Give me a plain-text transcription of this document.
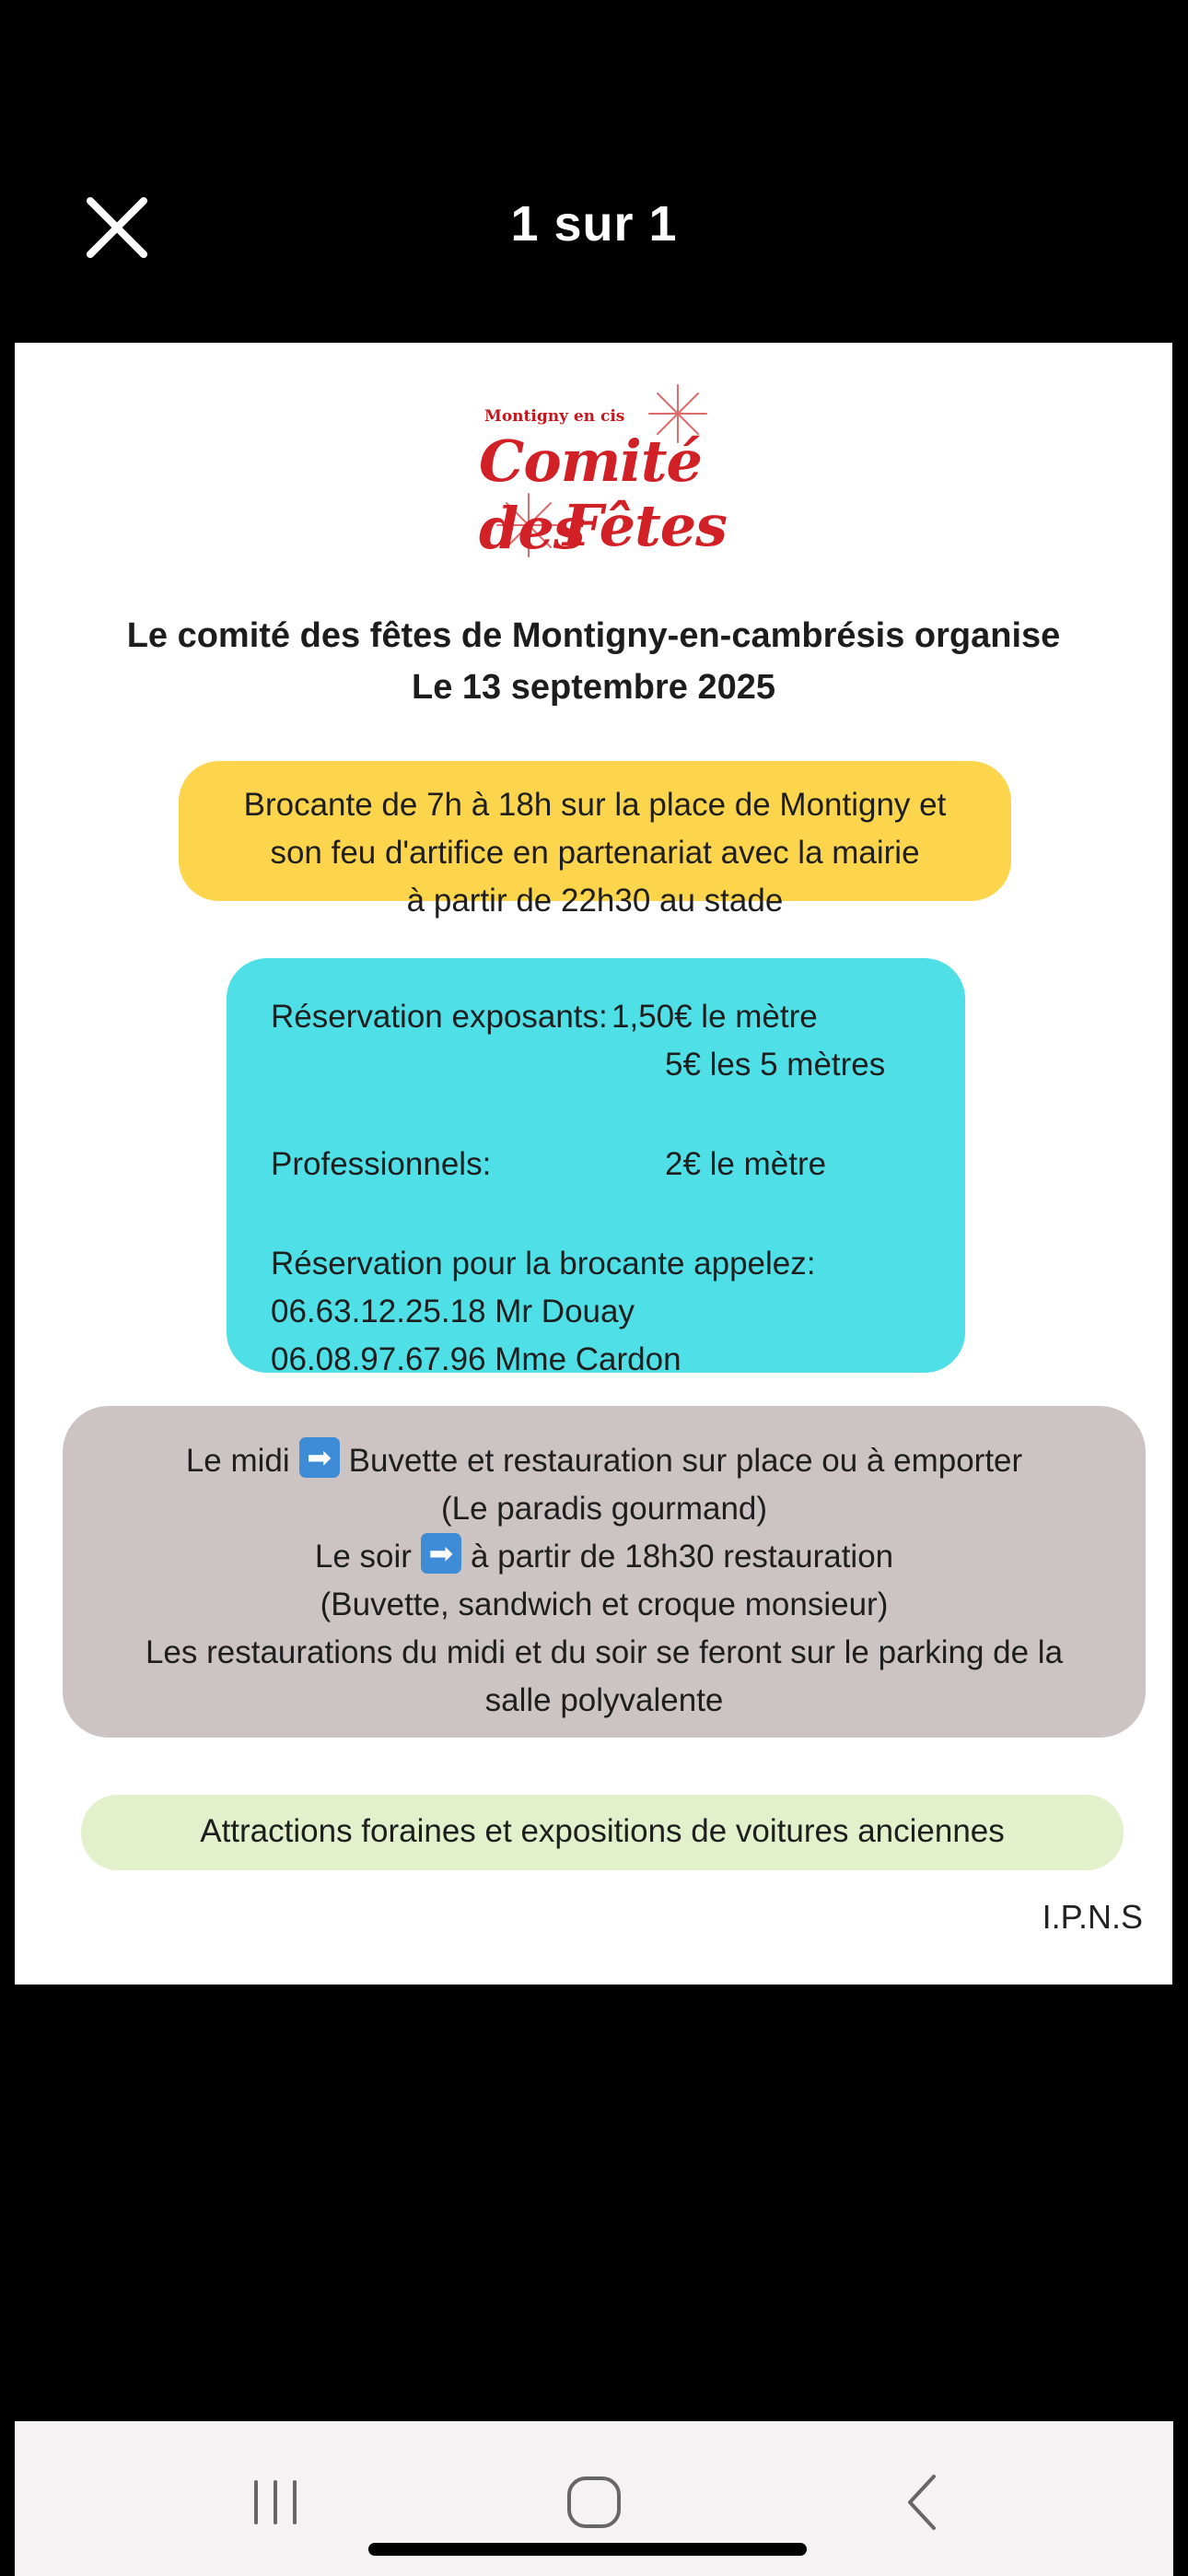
1 sur 1
Montigny en cis
Comité des
Fêtes
Le comité des fêtes de Montigny-en-cambrésis organise
Le 13 septembre 2025
Brocante de 7h à 18h sur la place de Montigny et
son feu d'artifice en partenariat avec la mairie
à partir de 22h30 au stade
Réservation exposants: 1,50€ le mètre
5€ les 5 mètres
Professionnels:	2€ le mètre
Réservation pour la brocante appelez:
06.63.12.25.18 Mr Douay
06.08.97.67.96 Mme Cardon
Le midi ➡ Buvette et restauration sur place ou à emporter
(Le paradis gourmand)
Le soir ➡ à partir de 18h30 restauration
(Buvette, sandwich et croque monsieur)
Les restaurations du midi et du soir se feront sur le parking de la
salle polyvalente
Attractions foraines et expositions de voitures anciennes
I.P.N.S
